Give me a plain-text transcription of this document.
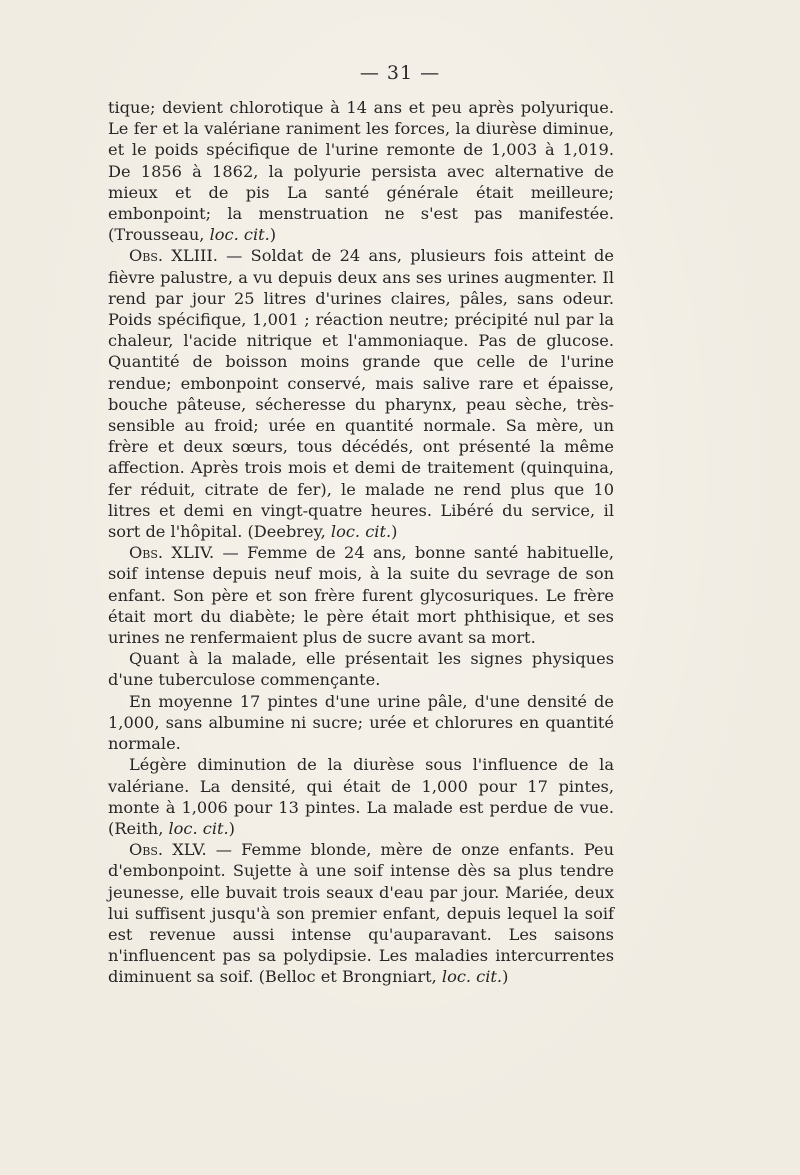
— 31 —

tique; devient chlorotique à 14 ans et peu après polyurique. Le fer et la valériane raniment les forces, la diurèse diminue, et le poids spécifique de l'urine remonte de 1,003 à 1,019. De 1856 à 1862, la polyurie persista avec alternative de mieux et de pis La santé générale était meilleure; embonpoint; la menstruation ne s'est pas manifestée. (Trousseau, loc. cit.)

Obs. XLIII. — Soldat de 24 ans, plusieurs fois atteint de fièvre palustre, a vu depuis deux ans ses urines augmenter. Il rend par jour 25 litres d'urines claires, pâles, sans odeur. Poids spécifique, 1,001 ; réaction neutre; précipité nul par la chaleur, l'acide nitrique et l'ammoniaque. Pas de glucose. Quantité de boisson moins grande que celle de l'urine rendue; embonpoint conservé, mais salive rare et épaisse, bouche pâteuse, sécheresse du pharynx, peau sèche, très-sensible au froid; urée en quantité normale. Sa mère, un frère et deux sœurs, tous décédés, ont présenté la même affection. Après trois mois et demi de traitement (quinquina, fer réduit, citrate de fer), le malade ne rend plus que 10 litres et demi en vingt-quatre heures. Libéré du service, il sort de l'hôpital. (Deebrey, loc. cit.)

Obs. XLIV. — Femme de 24 ans, bonne santé habituelle, soif intense depuis neuf mois, à la suite du sevrage de son enfant. Son père et son frère furent glycosuriques. Le frère était mort du diabète; le père était mort phthisique, et ses urines ne renfermaient plus de sucre avant sa mort.

Quant à la malade, elle présentait les signes physiques d'une tuberculose commençante.

En moyenne 17 pintes d'une urine pâle, d'une densité de 1,000, sans albumine ni sucre; urée et chlorures en quantité normale.

Légère diminution de la diurèse sous l'influence de la valériane. La densité, qui était de 1,000 pour 17 pintes, monte à 1,006 pour 13 pintes. La malade est perdue de vue. (Reith, loc. cit.)

Obs. XLV. — Femme blonde, mère de onze enfants. Peu d'embonpoint. Sujette à une soif intense dès sa plus tendre jeunesse, elle buvait trois seaux d'eau par jour. Mariée, deux lui suffisent jusqu'à son premier enfant, depuis lequel la soif est revenue aussi intense qu'auparavant. Les saisons n'influencent pas sa polydipsie. Les maladies intercurrentes diminuent sa soif. (Belloc et Brongniart, loc. cit.)
